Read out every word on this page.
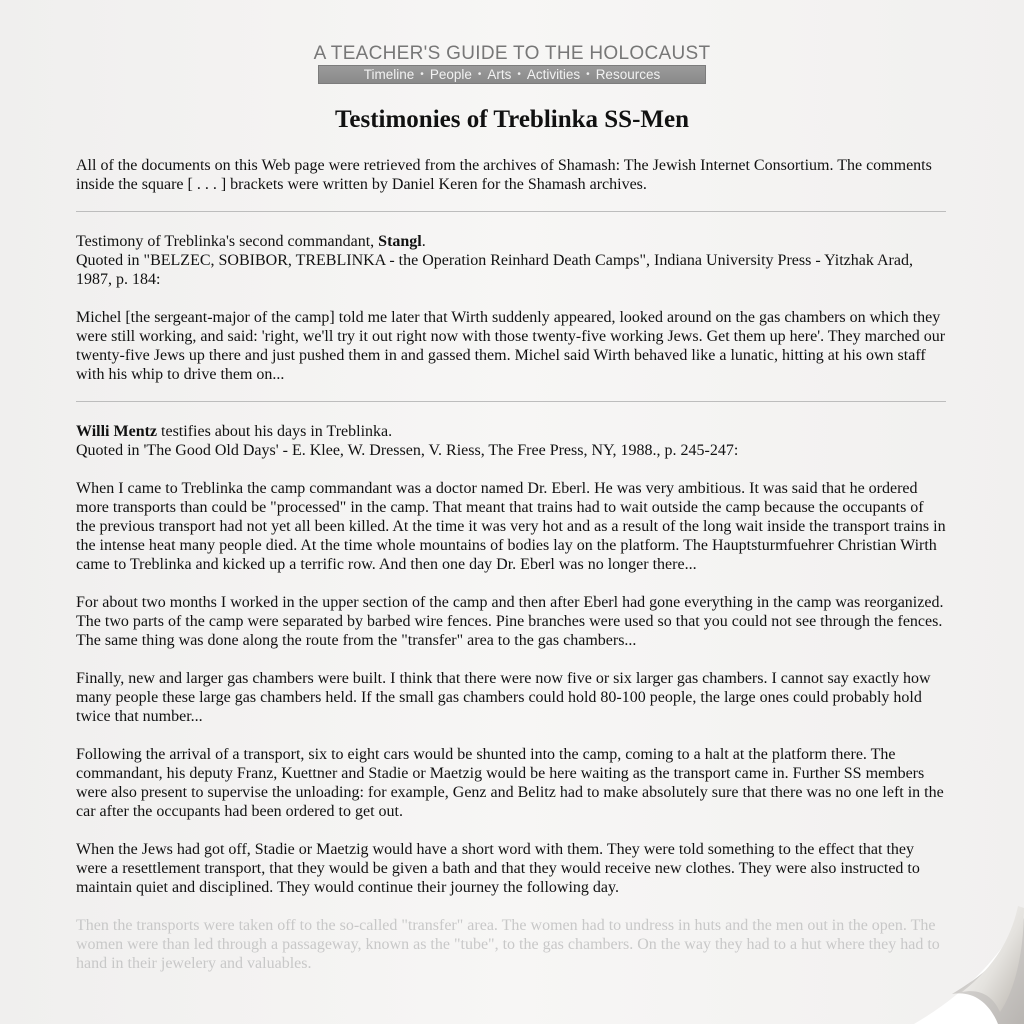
A TEACHER'S GUIDE TO THE HOLOCAUST
Timeline • People • Arts • Activities • Resources
Testimonies of Treblinka SS-Men

All of the documents on this Web page were retrieved from the archives of Shamash: The Jewish Internet Consortium. The comments inside the square [ . . . ] brackets were written by Daniel Keren for the Shamash archives.

Testimony of Treblinka's second commandant, Stangl.
Quoted in "BELZEC, SOBIBOR, TREBLINKA - the Operation Reinhard Death Camps", Indiana University Press - Yitzhak Arad, 1987, p. 184:

Michel [the sergeant-major of the camp] told me later that Wirth suddenly appeared, looked around on the gas chambers on which they were still working, and said: 'right, we'll try it out right now with those twenty-five working Jews. Get them up here'. They marched our twenty-five Jews up there and just pushed them in and gassed them. Michel said Wirth behaved like a lunatic, hitting at his own staff with his whip to drive them on...

Willi Mentz testifies about his days in Treblinka.
Quoted in 'The Good Old Days' - E. Klee, W. Dressen, V. Riess, The Free Press, NY, 1988., p. 245-247:

When I came to Treblinka the camp commandant was a doctor named Dr. Eberl. He was very ambitious. It was said that he ordered more transports than could be "processed" in the camp. That meant that trains had to wait outside the camp because the occupants of the previous transport had not yet all been killed. At the time it was very hot and as a result of the long wait inside the transport trains in the intense heat many people died. At the time whole mountains of bodies lay on the platform. The Hauptsturmfuehrer Christian Wirth came to Treblinka and kicked up a terrific row. And then one day Dr. Eberl was no longer there...

For about two months I worked in the upper section of the camp and then after Eberl had gone everything in the camp was reorganized. The two parts of the camp were separated by barbed wire fences. Pine branches were used so that you could not see through the fences. The same thing was done along the route from the "transfer" area to the gas chambers...

Finally, new and larger gas chambers were built. I think that there were now five or six larger gas chambers. I cannot say exactly how many people these large gas chambers held. If the small gas chambers could hold 80-100 people, the large ones could probably hold twice that number...

Following the arrival of a transport, six to eight cars would be shunted into the camp, coming to a halt at the platform there. The commandant, his deputy Franz, Kuettner and Stadie or Maetzig would be here waiting as the transport came in. Further SS members were also present to supervise the unloading: for example, Genz and Belitz had to make absolutely sure that there was no one left in the car after the occupants had been ordered to get out.

When the Jews had got off, Stadie or Maetzig would have a short word with them. They were told something to the effect that they were a resettlement transport, that they would be given a bath and that they would receive new clothes. They were also instructed to maintain quiet and disciplined. They would continue their journey the following day.

Then the transports were taken off to the so-called "transfer" area. The women had to undress in huts and the men out in the open. The women were than led through a passageway, known as the "tube", to the gas chambers. On the way they had to a hut where they had to hand in their jewelery and valuables.
